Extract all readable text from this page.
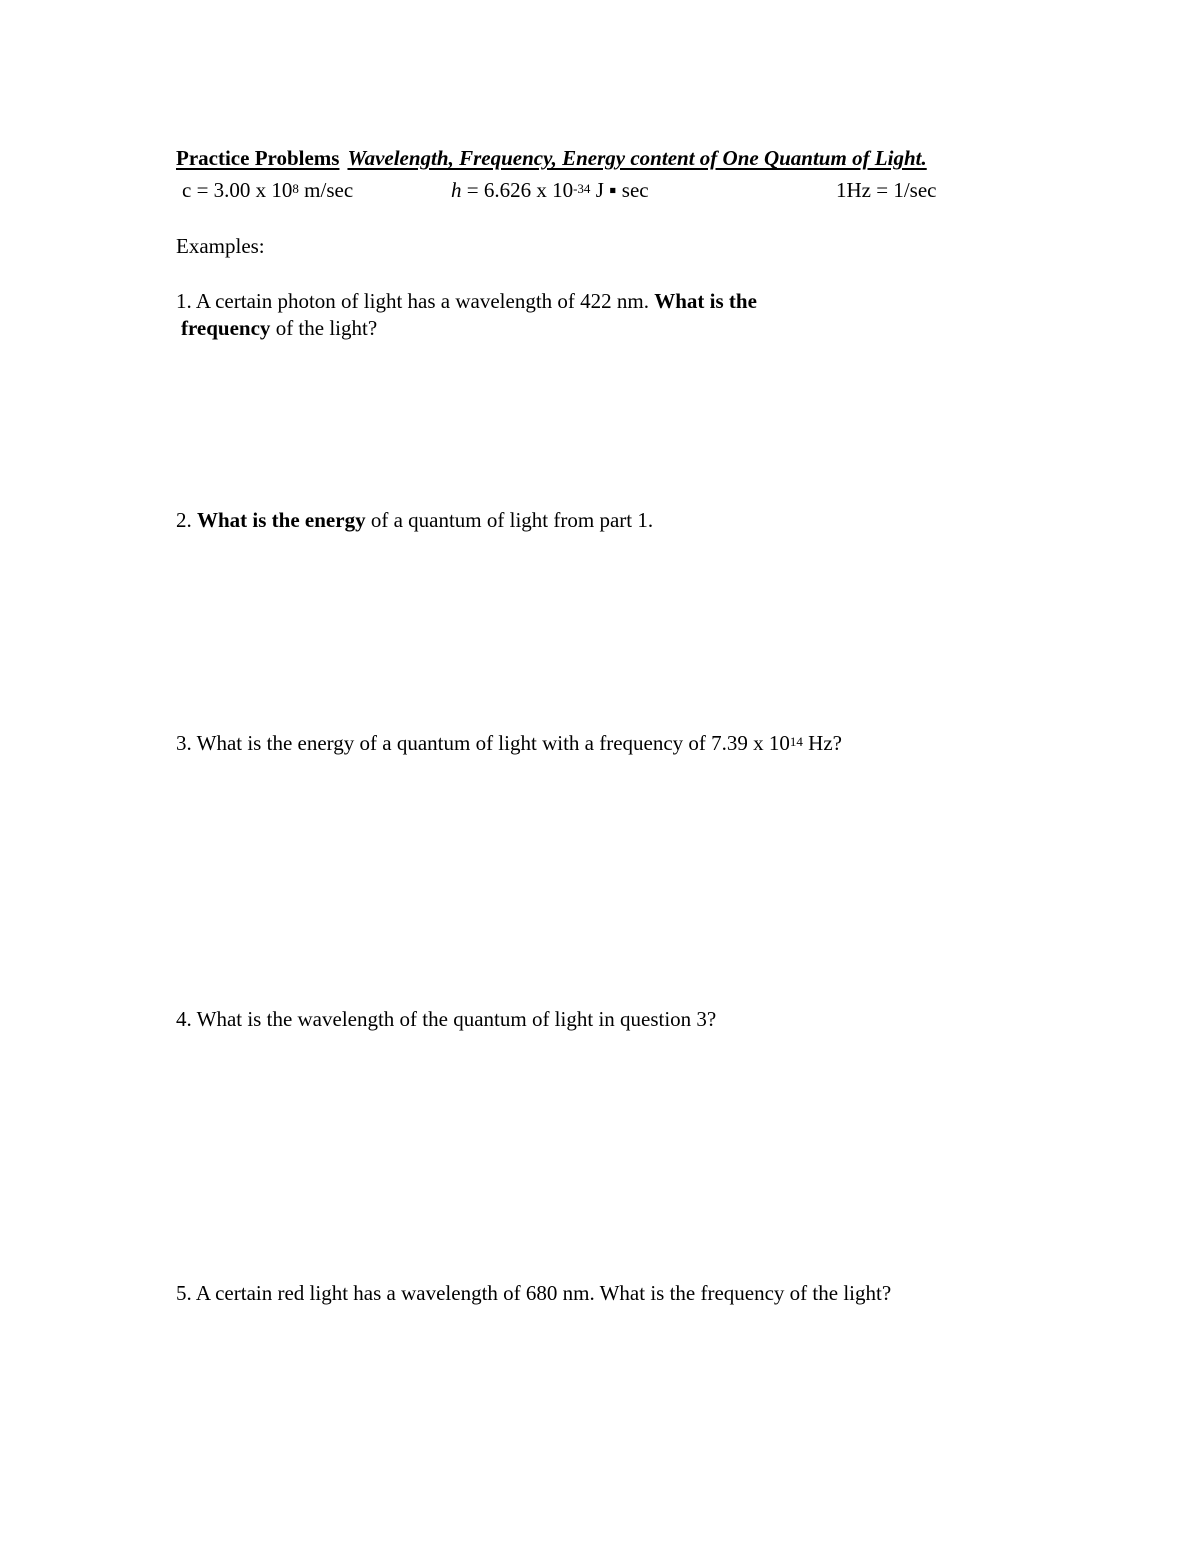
Practice Problems Wavelength, Frequency, Energy content of One Quantum of Light.
c = 3.00 x $10^8$ m/sec	h = 6.626 x $10^{-34}$ J ▪ sec	1Hz = 1/sec
Examples:
1. A certain photon of light has a wavelength of 422 nm. What is the
frequency of the light?
2. What is the energy of a quantum of light from part 1.
3. What is the energy of a quantum of light with a frequency of 7.39 x $10^{14}$ Hz?
4. What is the wavelength of the quantum of light in question 3?
5. A certain red light has a wavelength of 680 nm. What is the frequency of the light?
